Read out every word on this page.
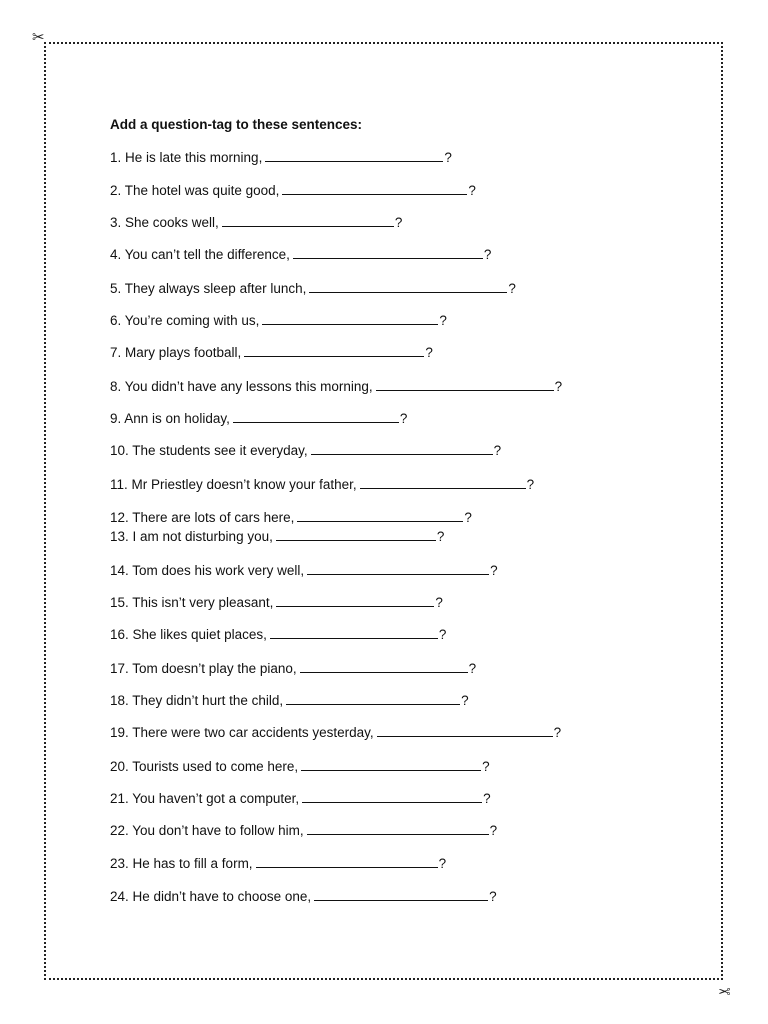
✂
✂
Add a question-tag to these sentences:
1. He is late this morning,	?
2. The hotel was quite good,	?
3. She cooks well,	?
4. You can’t tell the difference,	?
5. They always sleep after lunch,	?
6. You’re coming with us,	?
7. Mary plays football,	?
8. You didn’t have any lessons this morning,	?
9. Ann is on holiday,	?
10. The students see it everyday,	?
11. Mr Priestley doesn’t know your father,	?
12. There are lots of cars here,	?
13. I am not disturbing you,	?
14. Tom does his work very well,	?
15. This isn’t very pleasant,	?
16. She likes quiet places,	?
17. Tom doesn’t play the piano,	?
18. They didn’t hurt the child,	?
19. There were two car accidents yesterday,	?
20. Tourists used to come here,	?
21. You haven’t got a computer,	?
22. You don’t have to follow him,	?
23. He has to fill a form,	?
24. He didn’t have to choose one,	?
